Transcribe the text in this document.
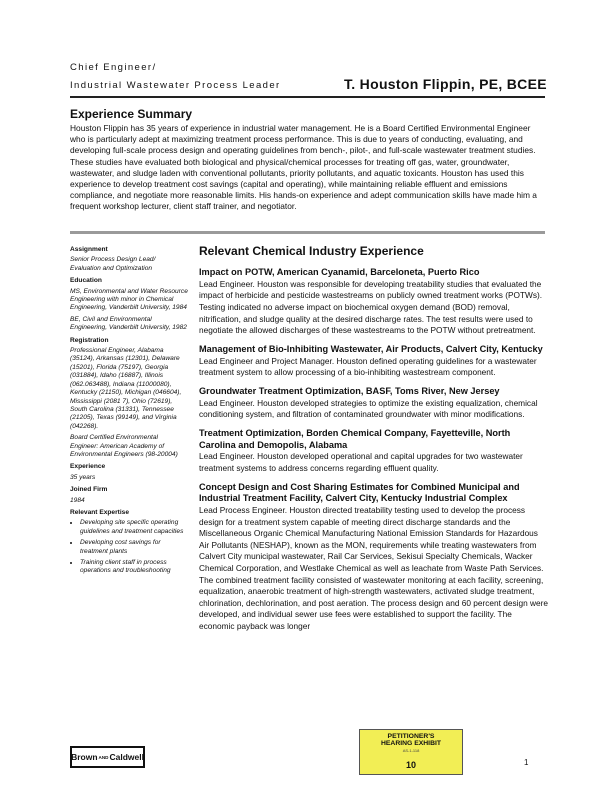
Chief Engineer/
Industrial Wastewater Process Leader	T. Houston Flippin, PE, BCEE
Experience Summary
Houston Flippin has 35 years of experience in industrial water management. He is a Board Certified Environmental Engineer who is particularly adept at maximizing treatment process performance. This is due to years of conducting, evaluating, and developing full-scale process design and operating guidelines from bench-, pilot-, and full-scale wastewater treatment studies. These studies have evaluated both biological and physical/chemical processes for treating off gas, water, groundwater, wastewater, and sludge laden with conventional pollutants, priority pollutants, and aquatic toxicants. Houston has used this experience to develop treatment cost savings (capital and operating), while maintaining reliable effluent and emissions compliance, and negotiate more reasonable limits. His hands-on experience and adept communication skills have made him a frequent workshop lecturer, client staff trainer, and negotiator.
Assignment
Senior Process Design Lead/ Evaluation and Optimization
Education
MS, Environmental and Water Resource Engineering with minor in Chemical Engineering, Vanderbilt University, 1984
BE, Civil and Environmental Engineering, Vanderbilt University, 1982
Registration
Professional Engineer, Alabama (35124), Arkansas (12301), Delaware (15201), Florida (75197), Georgia (031884), Idaho (16887), Illinois (062.063488), Indiana (11000080), Kentucky (21150), Michigan (046604), Mississippi (2081 7), Ohio (72619), South Carolina (31331), Tennessee (21205), Texas (99149), and Virginia (042268).
Board Certified Environmental Engineer: American Academy of Environmental Engineers (98-20004)
Experience
35 years
Joined Firm
1984
Relevant Expertise
• Developing site specific operating guidelines and treatment capacities
• Developing cost savings for treatment plants
• Training client staff in process operations and troubleshooting
Relevant Chemical Industry Experience
Impact on POTW, American Cyanamid, Barceloneta, Puerto Rico
Lead Engineer. Houston was responsible for developing treatability studies that evaluated the impact of herbicide and pesticide wastestreams on publicly owned treatment works (POTWs). Testing indicated no adverse impact on biochemical oxygen demand (BOD) removal, nitrification, and sludge quality at the desired discharge rates. The test results were used to negotiate the allowed discharges of these wastestreams to the POTW without pretreatment.
Management of Bio-Inhibiting Wastewater, Air Products, Calvert City, Kentucky
Lead Engineer and Project Manager. Houston defined operating guidelines for a wastewater treatment system to allow processing of a bio-inhibiting wastestream component.
Groundwater Treatment Optimization, BASF, Toms River, New Jersey
Lead Engineer. Houston developed strategies to optimize the existing equalization, chemical conditioning system, and filtration of contaminated groundwater with minor modifications.
Treatment Optimization, Borden Chemical Company, Fayetteville, North Carolina and Demopolis, Alabama
Lead Engineer. Houston developed operational and capital upgrades for two wastewater treatment systems to address concerns regarding effluent quality.
Concept Design and Cost Sharing Estimates for Combined Municipal and Industrial Treatment Facility, Calvert City, Kentucky Industrial Complex
Lead Process Engineer. Houston directed treatability testing used to develop the process design for a treatment system capable of meeting direct discharge standards and the Miscellaneous Organic Chemical Manufacturing National Emission Standards for Hazardous Air Pollutants (NESHAP), known as the MON, requirements while treating wastewaters from Calvert City municipal wastewater, Rail Car Services, Sekisui Specialty Chemicals, Wacker Chemical Corporation, and Westlake Chemical as well as leachate from Waste Path Services. The combined treatment facility consisted of wastewater monitoring at each facility, screening, equalization, anaerobic treatment of high-strength wastewaters, activated sludge treatment, chlorination, dechlorination, and post aeration. The process design and 60 percent design were developed, and individual sewer use fees were established to support the facility. The economic payback was longer
Brown AND Caldwell
PETITIONER'S
HEARING EXHIBIT
AS-1-118
10	1
